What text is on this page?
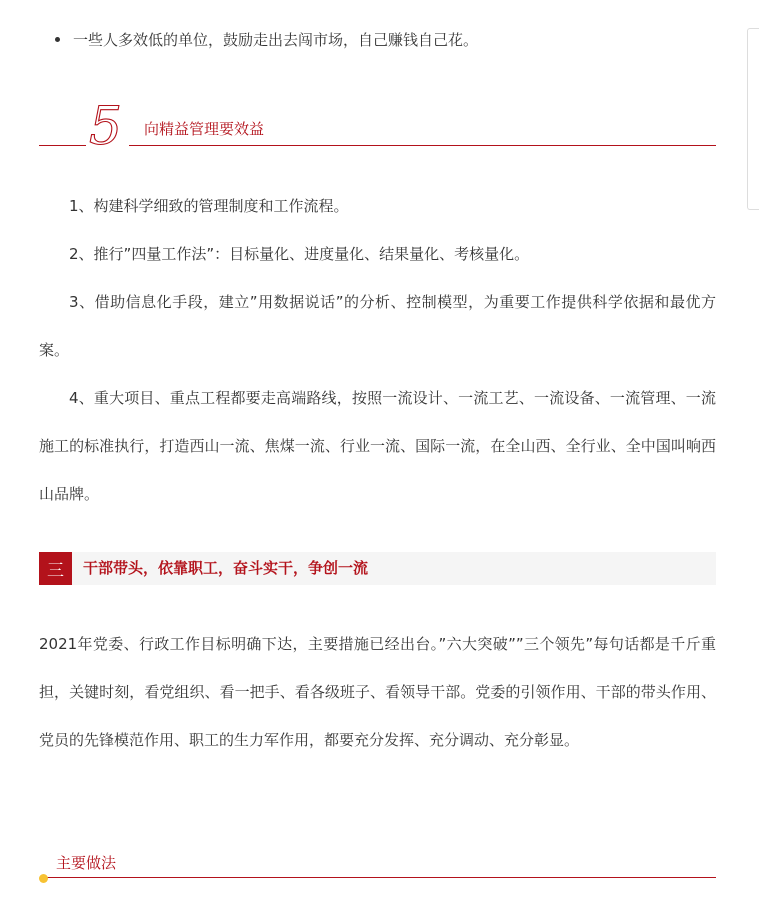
一些人多效低的单位，鼓励走出去闯市场，自己赚钱自己花。
5 向精益管理要效益

1、构建科学细致的管理制度和工作流程。

2、推行”四量工作法”：目标量化、进度量化、结果量化、考核量化。

3、借助信息化手段，建立”用数据说话”的分析、控制模型，为重要工作提供科学依据和最优方案。

4、重大项目、重点工程都要走高端路线，按照一流设计、一流工艺、一流设备、一流管理、一流施工的标准执行，打造西山一流、焦煤一流、行业一流、国际一流，在全山西、全行业、全中国叫响西山品牌。

三	干部带头，依靠职工，奋斗实干，争创一流

2021年党委、行政工作目标明确下达，主要措施已经出台。”六大突破””三个领先”每句话都是千斤重担，关键时刻，看党组织、看一把手、看各级班子、看领导干部。党委的引领作用、干部的带头作用、党员的先锋模范作用、职工的生力军作用，都要充分发挥、充分调动、充分彰显。

主要做法
